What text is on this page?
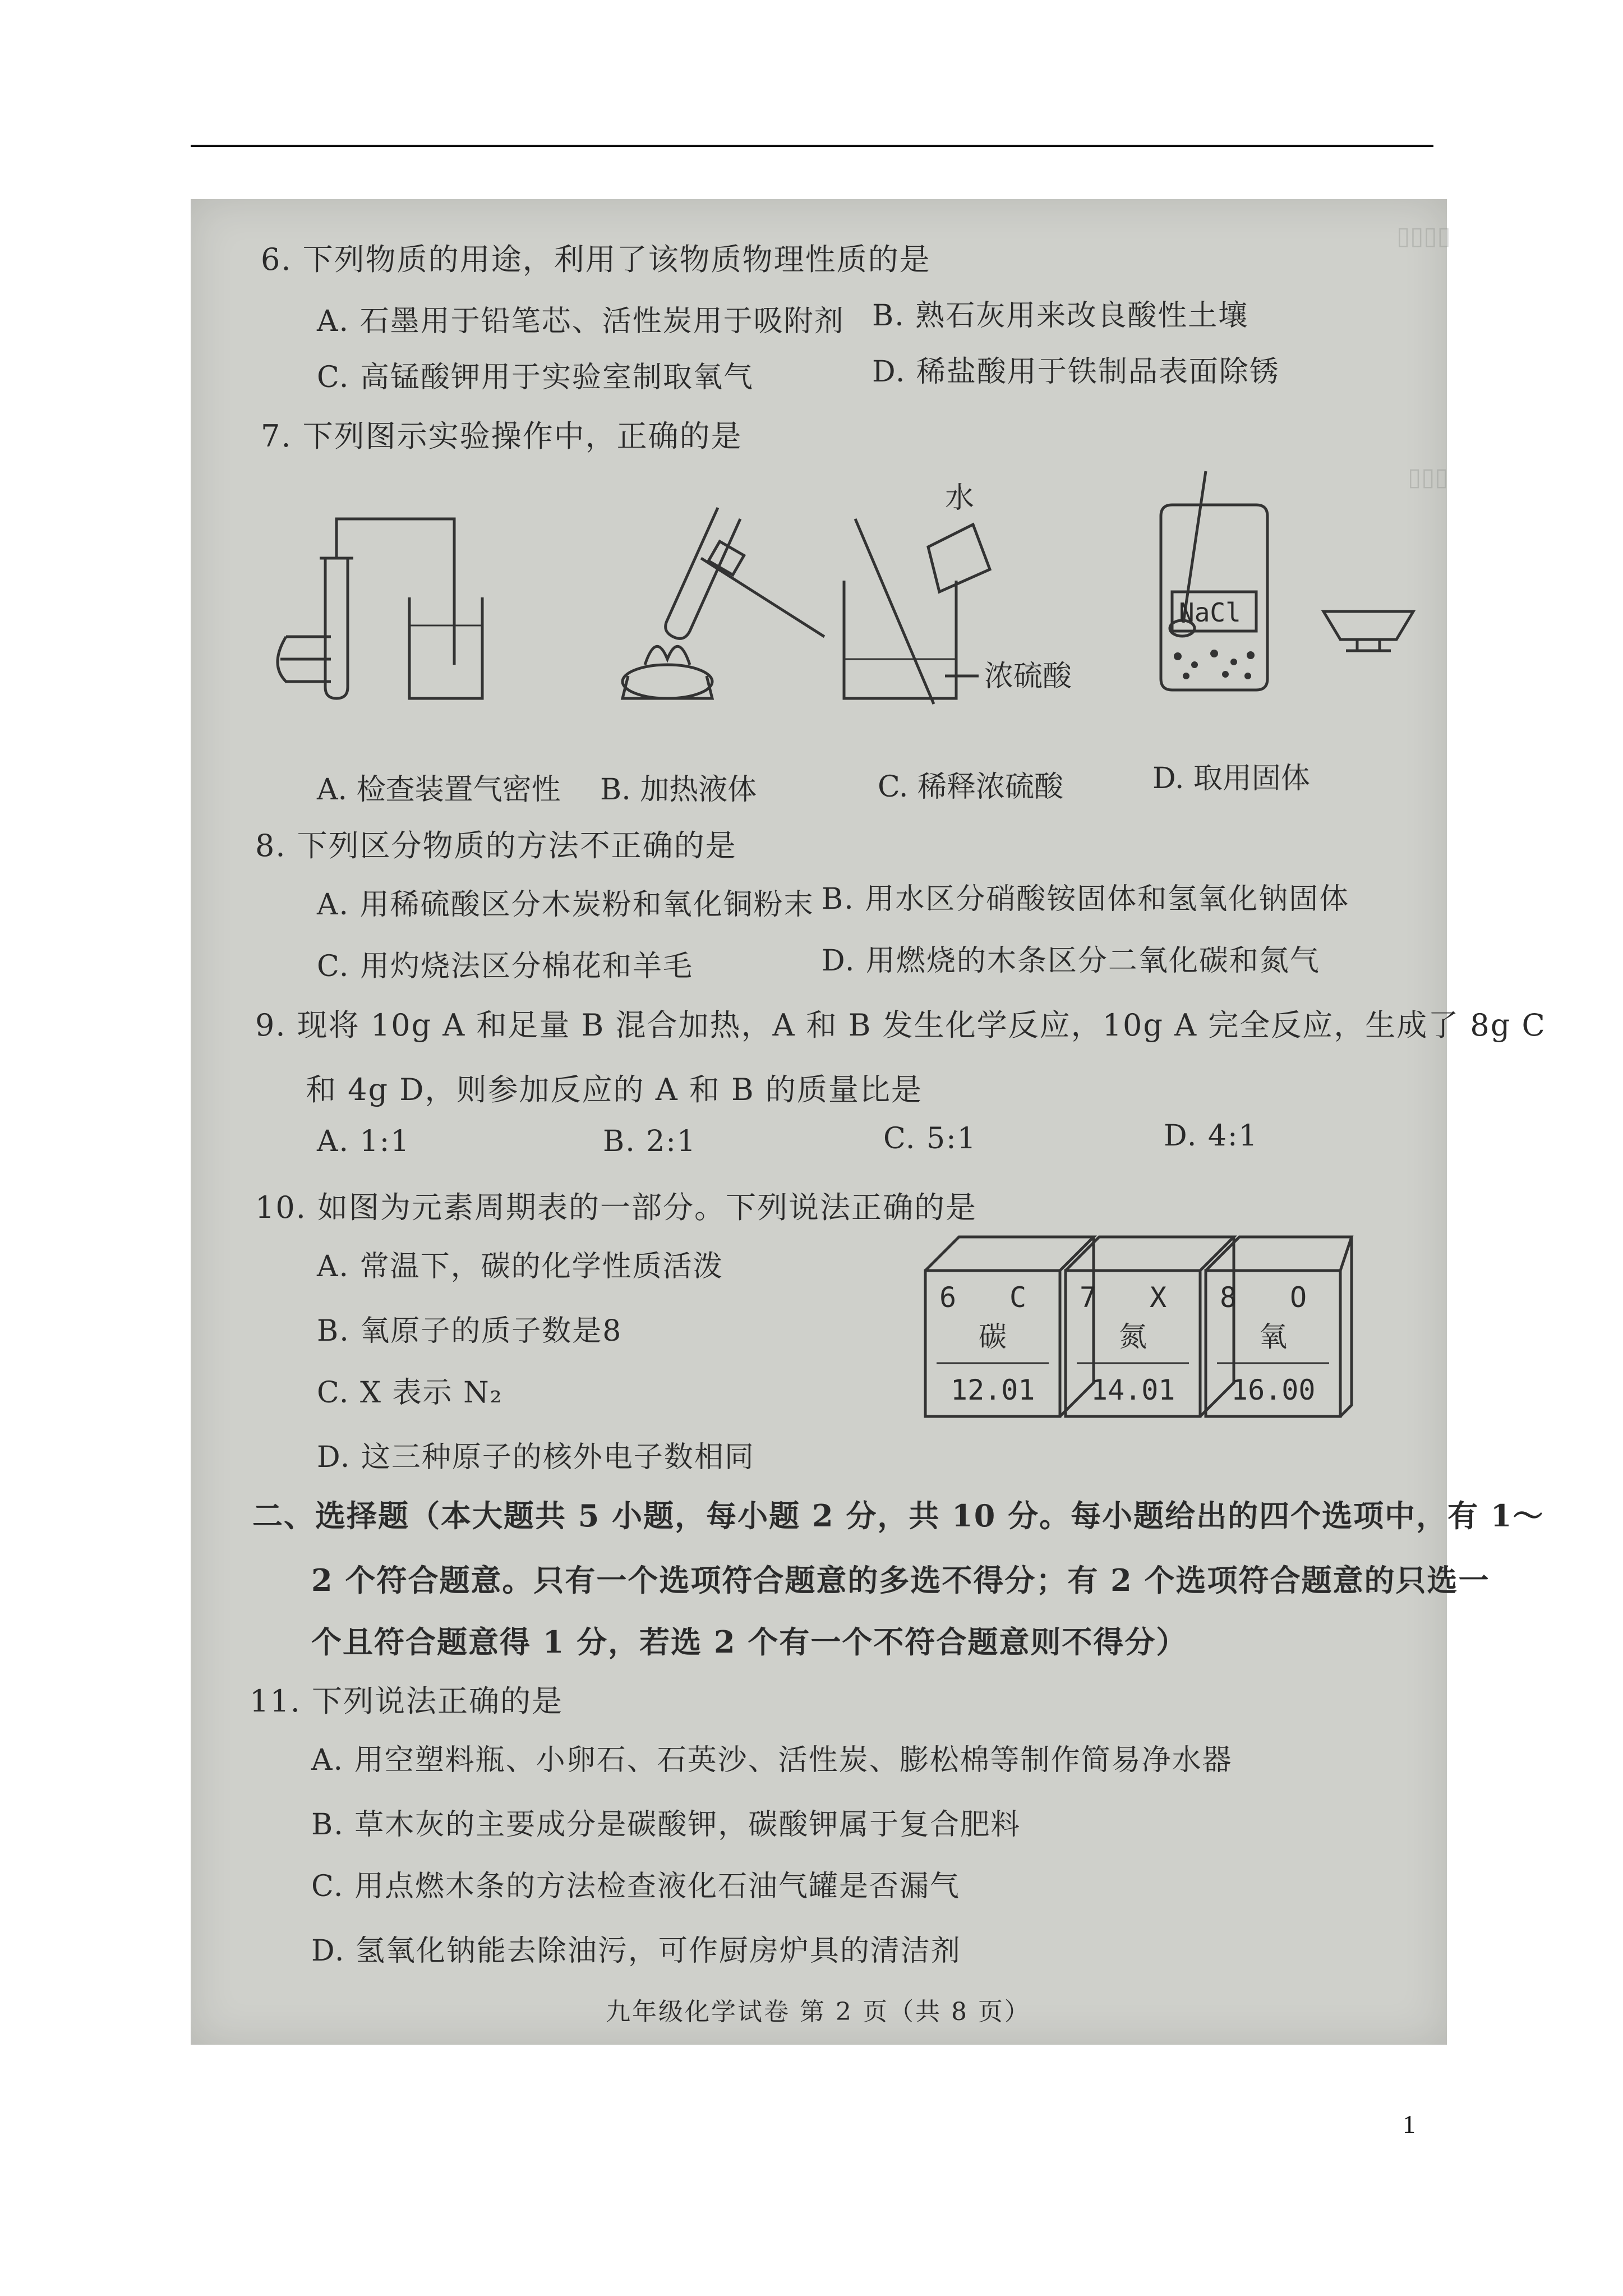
▯▯▯▯
▯▯▯
6. 下列物质的用途，利用了该物质物理性质的是
A. 石墨用于铅笔芯、活性炭用于吸附剂 B. 熟石灰用来改良酸性土壤
C. 高锰酸钾用于实验室制取氧气	D. 稀盐酸用于铁制品表面除锈
7. 下列图示实验操作中，正确的是
水
浓硫酸
NaCl
A. 检查装置气密性 B. 加热液体	C. 稀释浓硫酸	D. 取用固体
8. 下列区分物质的方法不正确的是
A. 用稀硫酸区分木炭粉和氧化铜粉末 B. 用水区分硝酸铵固体和氢氧化钠固体
C. 用灼烧法区分棉花和羊毛	D. 用燃烧的木条区分二氧化碳和氮气
9. 现将 10g A 和足量 B 混合加热，A 和 B 发生化学反应，10g A 完全反应，生成了 8g C
和 4g D，则参加反应的 A 和 B 的质量比是
A. 1:1	B. 2:1	C. 5:1	D. 4:1
10. 如图为元素周期表的一部分。下列说法正确的是
A. 常温下，碳的化学性质活泼
B. 氧原子的质子数是8
C. X 表示 N₂
D. 这三种原子的核外电子数相同
6 C
碳
12.01
7 X
氮
14.01
8 O
氧
16.00
二、选择题（本大题共 5 小题，每小题 2 分，共 10 分。每小题给出的四个选项中，有 1～
2 个符合题意。只有一个选项符合题意的多选不得分；有 2 个选项符合题意的只选一
个且符合题意得 1 分，若选 2 个有一个不符合题意则不得分）
11. 下列说法正确的是
A. 用空塑料瓶、小卵石、石英沙、活性炭、膨松棉等制作简易净水器
B. 草木灰的主要成分是碳酸钾，碳酸钾属于复合肥料
C. 用点燃木条的方法检查液化石油气罐是否漏气
D. 氢氧化钠能去除油污，可作厨房炉具的清洁剂
九年级化学试卷 第 2 页（共 8 页）
1
